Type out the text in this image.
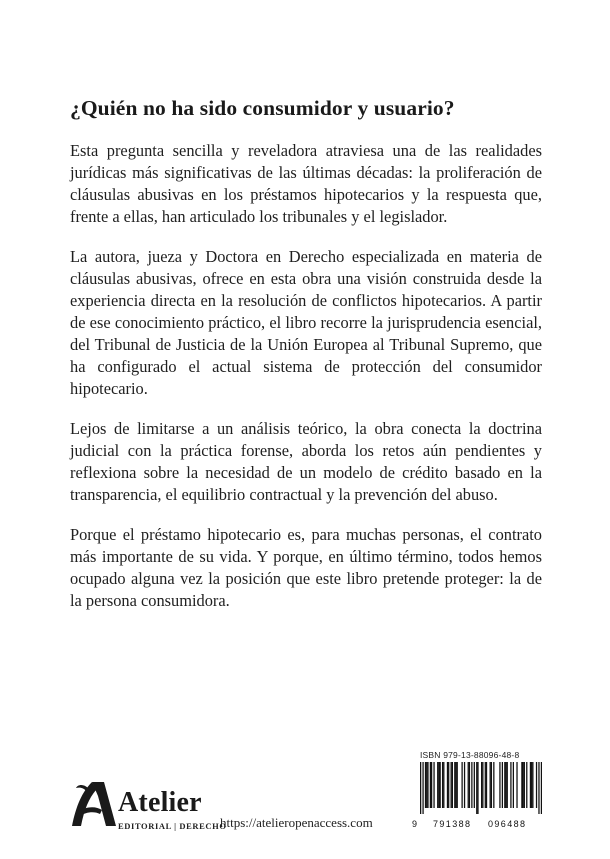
¿Quién no ha sido consumidor y usuario?

Esta pregunta sencilla y reveladora atraviesa una de las realidades jurídicas más significativas de las últimas décadas: la proliferación de cláusulas abusivas en los préstamos hipotecarios y la respuesta que, frente a ellas, han articulado los tribunales y el legislador.

La autora, jueza y Doctora en Derecho especializada en materia de cláusulas abusivas, ofrece en esta obra una visión construida desde la experiencia directa en la resolución de conflictos hipotecarios. A partir de ese conocimiento práctico, el libro recorre la jurisprudencia esencial, del Tribunal de Justicia de la Unión Europea al Tribunal Supremo, que ha configurado el actual sistema de protección del consumidor hipotecario.

Lejos de limitarse a un análisis teórico, la obra conecta la doctrina judicial con la práctica forense, aborda los retos aún pendientes y reflexiona sobre la necesidad de un modelo de crédito basado en la transparencia, el equilibrio contractual y la prevención del abuso.

Porque el préstamo hipotecario es, para muchas personas, el contrato más importante de su vida. Y porque, en último término, todos hemos ocupado alguna vez la posición que este libro pretende proteger: la de la persona consumidora.

Atelier
EDITORIAL | DERECHO
https://atelieropenaccess.com
ISBN 979-13-88096-48-8
9 791388 096488
